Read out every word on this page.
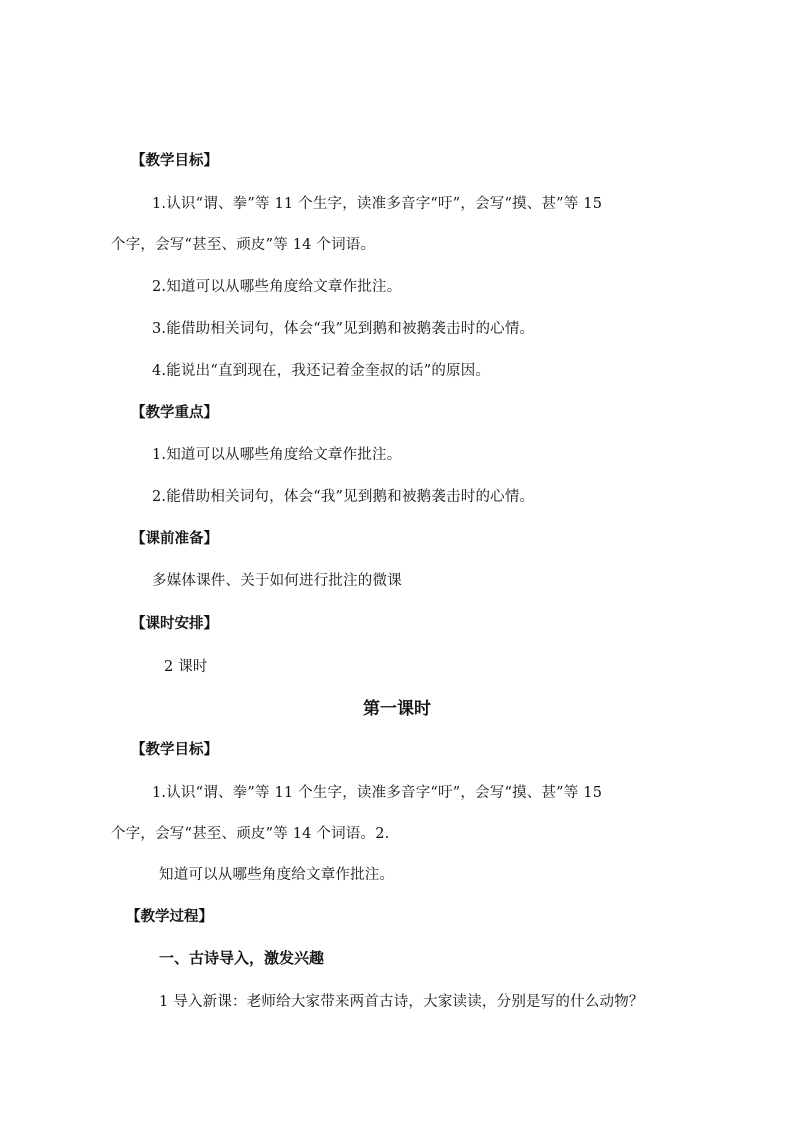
【教学目标】
1.认识“谓、拳”等 11 个生字，读准多音字“吁”，会写“摸、甚”等 15
个字，会写“甚至、顽皮”等 14 个词语。
2.知道可以从哪些角度给文章作批注。
3.能借助相关词句，体会“我”见到鹅和被鹅袭击时的心情。
4.能说出“直到现在，我还记着金奎叔的话”的原因。
【教学重点】
1.知道可以从哪些角度给文章作批注。
2.能借助相关词句，体会“我”见到鹅和被鹅袭击时的心情。
【课前准备】
多媒体课件、关于如何进行批注的微课
【课时安排】
2 课时
第一课时
【教学目标】
1.认识“谓、拳”等 11 个生字，读准多音字“吁”，会写“摸、甚”等 15
个字，会写“甚至、顽皮”等 14 个词语。2.
知道可以从哪些角度给文章作批注。
【教学过程】
一、古诗导入，激发兴趣
1 导入新课：老师给大家带来两首古诗，大家读读，分别是写的什么动物？
